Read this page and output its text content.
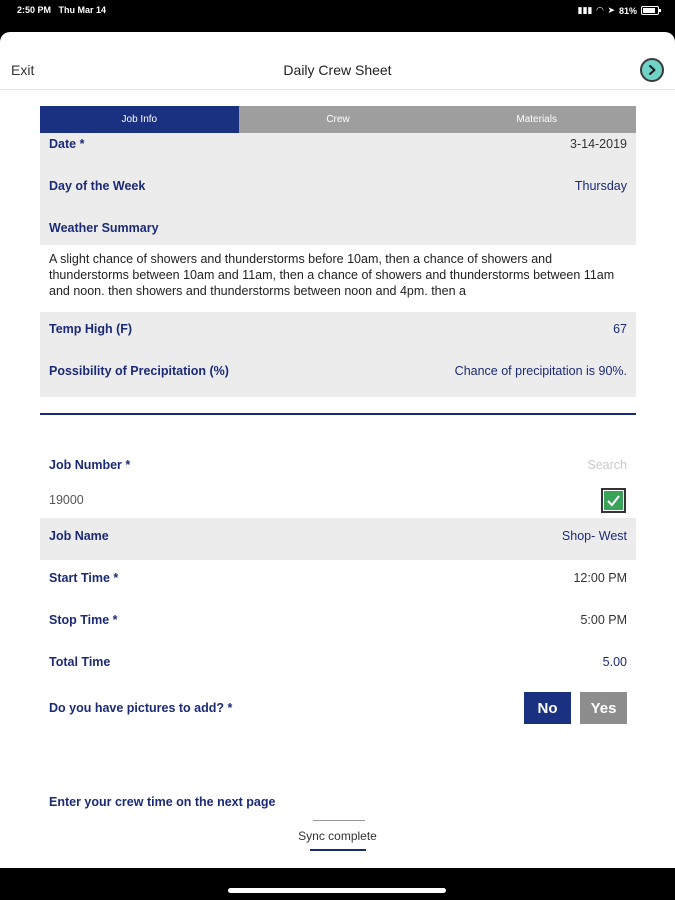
2:50 PM Thu Mar 14	▮▮▮ ◠ ➤ 81%
Exit	Daily Crew Sheet
Job Info	Crew	Materials
Date *	3-14-2019
Day of the Week	Thursday
Weather Summary
A slight chance of showers and thunderstorms before 10am, then a chance of showers and thunderstorms between 10am and 11am, then a chance of showers and thunderstorms between 11am and noon. then showers and thunderstorms between noon and 4pm. then a
Temp High (F)	67
Possibility of Precipitation (%)	Chance of precipitation is 90%.
Job Number *	Search
19000
Job Name	Shop- West
Start Time *	12:00 PM
Stop Time *	5:00 PM
Total Time	5.00
Do you have pictures to add? *	No	Yes
Enter your crew time on the next page
Sync complete
